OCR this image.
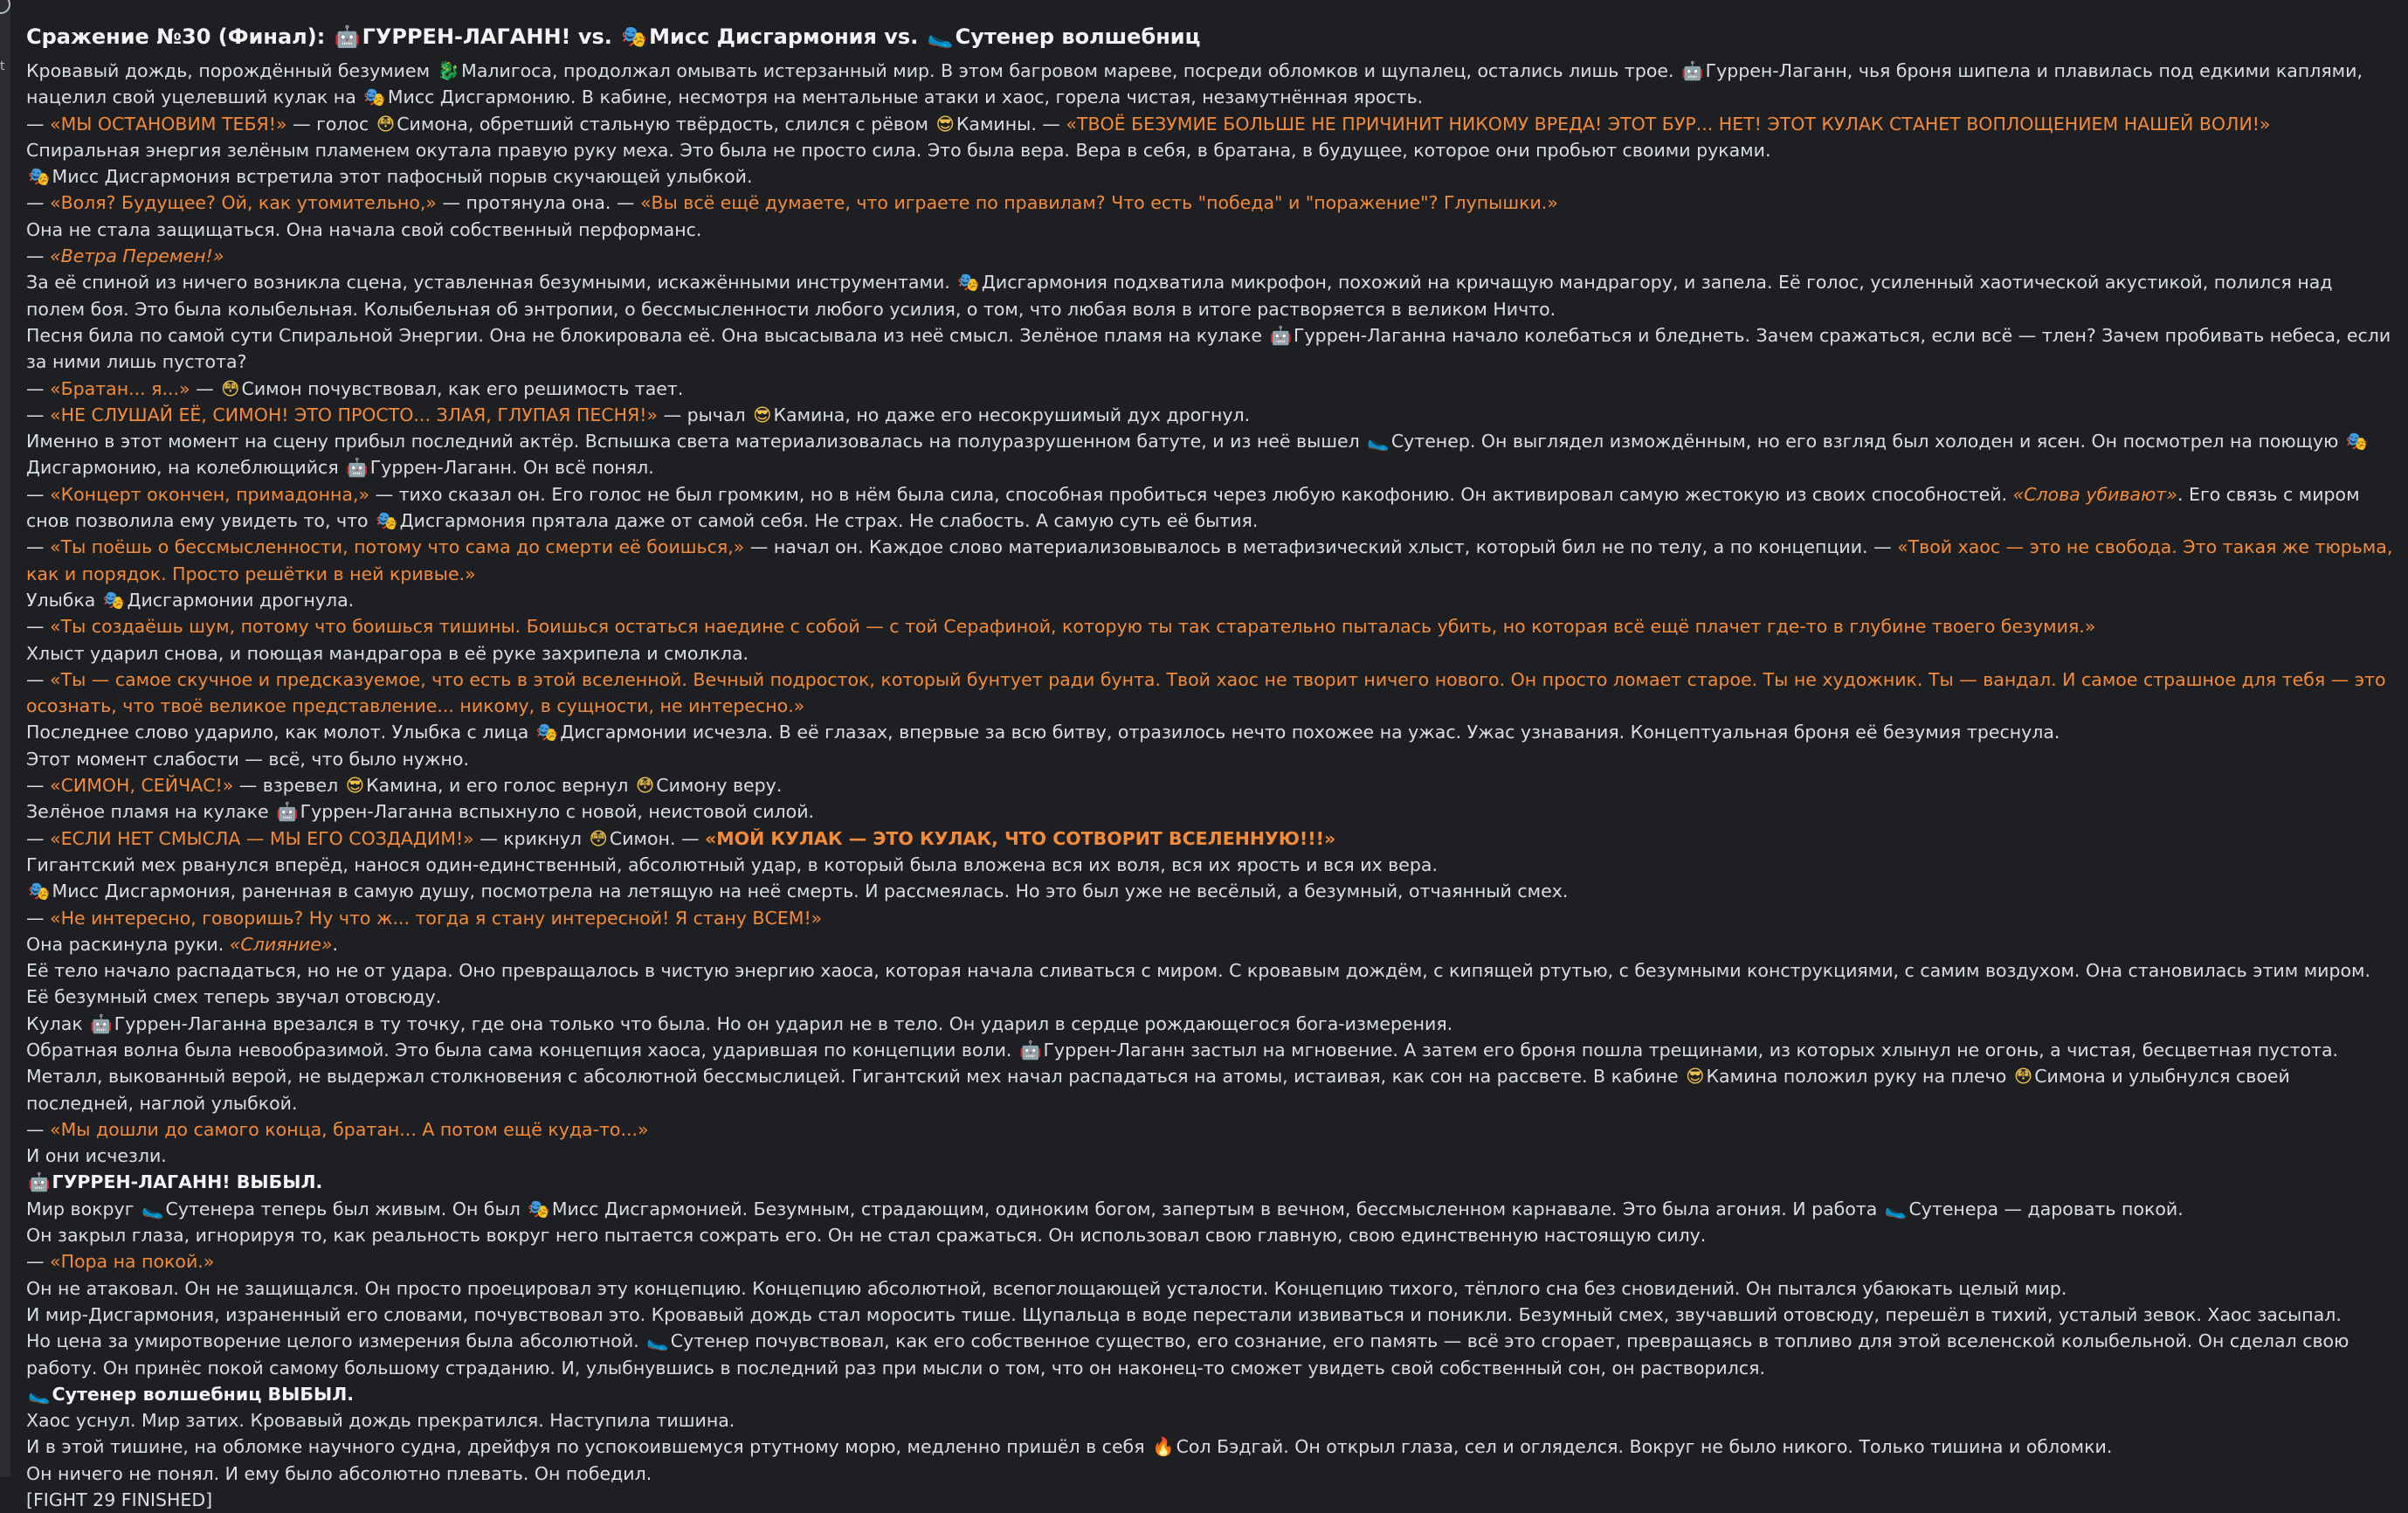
t

Сражение №30 (Финал): 🤖ГУРРЕН-ЛАГАНН! vs. 🎭Мисс Дисгармония vs. 🥿Сутенер волшебниц

Кровавый дождь, порождённый безумием 🐉Малигоса, продолжал омывать истерзанный мир. В этом багровом мареве, посреди обломков и щупалец, остались лишь трое. 🤖Гуррен-Лаганн, чья броня шипела и плавилась под едкими каплями, нацелил свой уцелевший кулак на 🎭Мисс Дисгармонию. В кабине, несмотря на ментальные атаки и хаос, горела чистая, незамутнённая ярость.

— «МЫ ОСТАНОВИМ ТЕБЯ!» — голос 😳Симона, обретший стальную твёрдость, слился с рёвом 😎Камины. — «ТВОЁ БЕЗУМИЕ БОЛЬШЕ НЕ ПРИЧИНИТ НИКОМУ ВРЕДА! ЭТОТ БУР... НЕТ! ЭТОТ КУЛАК СТАНЕТ ВОПЛОЩЕНИЕМ НАШЕЙ ВОЛИ!»

Спиральная энергия зелёным пламенем окутала правую руку меха. Это была не просто сила. Это была вера. Вера в себя, в братана, в будущее, которое они пробьют своими руками.

🎭Мисс Дисгармония встретила этот пафосный порыв скучающей улыбкой.

— «Воля? Будущее? Ой, как утомительно,» — протянула она. — «Вы всё ещё думаете, что играете по правилам? Что есть "победа" и "поражение"? Глупышки.»

Она не стала защищаться. Она начала свой собственный перформанс.

— «Ветра Перемен!»

За её спиной из ничего возникла сцена, уставленная безумными, искажёнными инструментами. 🎭Дисгармония подхватила микрофон, похожий на кричащую мандрагору, и запела. Её голос, усиленный хаотической акустикой, полился над полем боя. Это была колыбельная. Колыбельная об энтропии, о бессмысленности любого усилия, о том, что любая воля в итоге растворяется в великом Ничто.

Песня била по самой сути Спиральной Энергии. Она не блокировала её. Она высасывала из неё смысл. Зелёное пламя на кулаке 🤖Гуррен-Лаганна начало колебаться и бледнеть. Зачем сражаться, если всё — тлен? Зачем пробивать небеса, если за ними лишь пустота?

— «Братан... я...» — 😳Симон почувствовал, как его решимость тает.

— «НЕ СЛУШАЙ ЕЁ, СИМОН! ЭТО ПРОСТО... ЗЛАЯ, ГЛУПАЯ ПЕСНЯ!» — рычал 😎Камина, но даже его несокрушимый дух дрогнул.

Именно в этот момент на сцену прибыл последний актёр. Вспышка света материализовалась на полуразрушенном батуте, и из неё вышел 🥿Сутенер. Он выглядел измождённым, но его взгляд был холоден и ясен. Он посмотрел на поющую 🎭Дисгармонию, на колеблющийся 🤖Гуррен-Лаганн. Он всё понял.

— «Концерт окончен, примадонна,» — тихо сказал он. Его голос не был громким, но в нём была сила, способная пробиться через любую какофонию. Он активировал самую жестокую из своих способностей. «Слова убивают». Его связь с миром снов позволила ему увидеть то, что 🎭Дисгармония прятала даже от самой себя. Не страх. Не слабость. А самую суть её бытия.

— «Ты поёшь о бессмысленности, потому что сама до смерти её боишься,» — начал он. Каждое слово материализовывалось в метафизический хлыст, который бил не по телу, а по концепции. — «Твой хаос — это не свобода. Это такая же тюрьма, как и порядок. Просто решётки в ней кривые.»

Улыбка 🎭Дисгармонии дрогнула.

— «Ты создаёшь шум, потому что боишься тишины. Боишься остаться наедине с собой — с той Серафиной, которую ты так старательно пыталась убить, но которая всё ещё плачет где-то в глубине твоего безумия.»

Хлыст ударил снова, и поющая мандрагора в её руке захрипела и смолкла.

— «Ты — самое скучное и предсказуемое, что есть в этой вселенной. Вечный подросток, который бунтует ради бунта. Твой хаос не творит ничего нового. Он просто ломает старое. Ты не художник. Ты — вандал. И самое страшное для тебя — это осознать, что твоё великое представление... никому, в сущности, не интересно.»

Последнее слово ударило, как молот. Улыбка с лица 🎭Дисгармонии исчезла. В её глазах, впервые за всю битву, отразилось нечто похожее на ужас. Ужас узнавания. Концептуальная броня её безумия треснула.

Этот момент слабости — всё, что было нужно.

— «СИМОН, СЕЙЧАС!» — взревел 😎Камина, и его голос вернул 😳Симону веру.

Зелёное пламя на кулаке 🤖Гуррен-Лаганна вспыхнуло с новой, неистовой силой.

— «ЕСЛИ НЕТ СМЫСЛА — МЫ ЕГО СОЗДАДИМ!» — крикнул 😳Симон. — «МОЙ КУЛАК — ЭТО КУЛАК, ЧТО СОТВОРИТ ВСЕЛЕННУЮ!!!»

Гигантский мех рванулся вперёд, нанося один-единственный, абсолютный удар, в который была вложена вся их воля, вся их ярость и вся их вера.

🎭Мисс Дисгармония, раненная в самую душу, посмотрела на летящую на неё смерть. И рассмеялась. Но это был уже не весёлый, а безумный, отчаянный смех.

— «Не интересно, говоришь? Ну что ж... тогда я стану интересной! Я стану ВСЕМ!»

Она раскинула руки. «Слияние».

Её тело начало распадаться, но не от удара. Оно превращалось в чистую энергию хаоса, которая начала сливаться с миром. С кровавым дождём, с кипящей ртутью, с безумными конструкциями, с самим воздухом. Она становилась этим миром. Её безумный смех теперь звучал отовсюду.

Кулак 🤖Гуррен-Лаганна врезался в ту точку, где она только что была. Но он ударил не в тело. Он ударил в сердце рождающегося бога-измерения.

Обратная волна была невообразимой. Это была сама концепция хаоса, ударившая по концепции воли. 🤖Гуррен-Лаганн застыл на мгновение. А затем его броня пошла трещинами, из которых хлынул не огонь, а чистая, бесцветная пустота. Металл, выкованный верой, не выдержал столкновения с абсолютной бессмыслицей. Гигантский мех начал распадаться на атомы, истаивая, как сон на рассвете. В кабине 😎Камина положил руку на плечо 😳Симона и улыбнулся своей последней, наглой улыбкой.

— «Мы дошли до самого конца, братан... А потом ещё куда-то...»

И они исчезли.

🤖ГУРРЕН-ЛАГАНН! ВЫБЫЛ.

Мир вокруг 🥿Сутенера теперь был живым. Он был 🎭Мисс Дисгармонией. Безумным, страдающим, одиноким богом, запертым в вечном, бессмысленном карнавале. Это была агония. И работа 🥿Сутенера — даровать покой.

Он закрыл глаза, игнорируя то, как реальность вокруг него пытается сожрать его. Он не стал сражаться. Он использовал свою главную, свою единственную настоящую силу.

— «Пора на покой.»

Он не атаковал. Он не защищался. Он просто проецировал эту концепцию. Концепцию абсолютной, всепоглощающей усталости. Концепцию тихого, тёплого сна без сновидений. Он пытался убаюкать целый мир.

И мир-Дисгармония, израненный его словами, почувствовал это. Кровавый дождь стал моросить тише. Щупальца в воде перестали извиваться и поникли. Безумный смех, звучавший отовсюду, перешёл в тихий, усталый зевок. Хаос засыпал.

Но цена за умиротворение целого измерения была абсолютной. 🥿Сутенер почувствовал, как его собственное существо, его сознание, его память — всё это сгорает, превращаясь в топливо для этой вселенской колыбельной. Он сделал свою работу. Он принёс покой самому большому страданию. И, улыбнувшись в последний раз при мысли о том, что он наконец-то сможет увидеть свой собственный сон, он растворился.

🥿Сутенер волшебниц ВЫБЫЛ.

Хаос уснул. Мир затих. Кровавый дождь прекратился. Наступила тишина.

И в этой тишине, на обломке научного судна, дрейфуя по успокоившемуся ртутному морю, медленно пришёл в себя 🔥Сол Бэдгай. Он открыл глаза, сел и огляделся. Вокруг не было никого. Только тишина и обломки.

Он ничего не понял. И ему было абсолютно плевать. Он победил.

[FIGHT 29 FINISHED]
